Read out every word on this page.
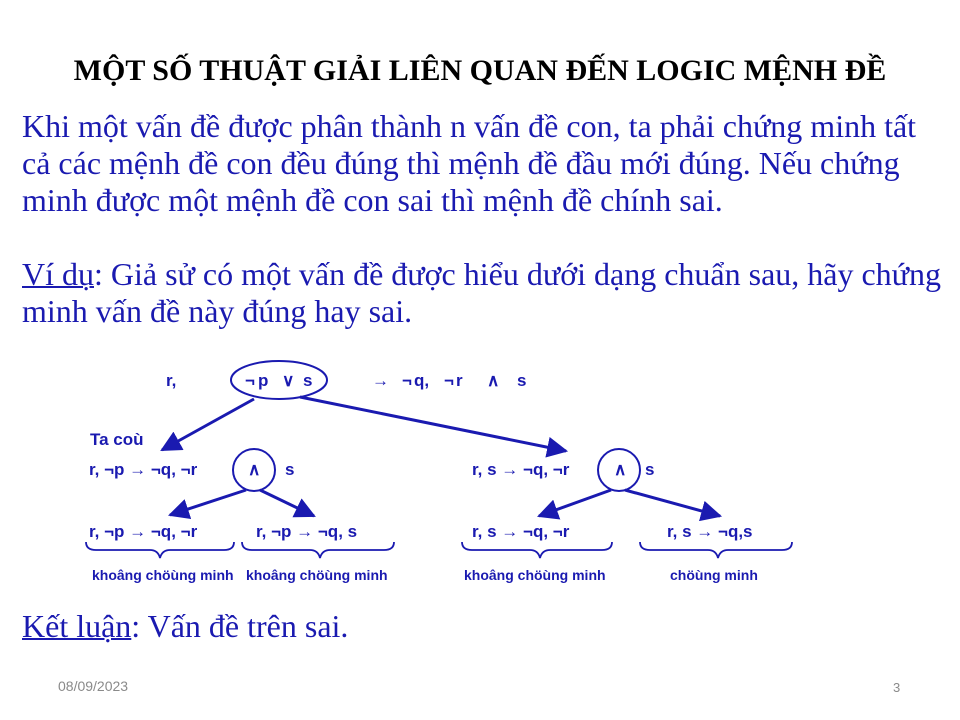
MỘT SỐ THUẬT GIẢI LIÊN QUAN ĐẾN LOGIC MỆNH ĐỀ
Khi một vấn đề được phân thành n vấn đề con, ta phải chứng minh tất cả các mệnh đề con đều đúng thì mệnh đề đầu mới đúng. Nếu chứng minh được một mệnh đề con sai thì mệnh đề chính sai.
Ví dụ: Giả sử có một vấn đề được hiểu dưới dạng chuẩn sau, hãy chứng minh vấn đề này đúng hay sai.
r,	¬ p ∨ s	→ ¬ q, ¬ r ∧ s
Ta coù
r, ¬p → ¬q, ¬r	∧ s	r, s → ¬q, ¬r	∧ s
r, ¬p → ¬q, ¬r	r, ¬p → ¬q, s	r, s → ¬q, ¬r	r, s → ¬q,s
khoâng chöùng minh khoâng chöùng minh	khoâng chöùng minh	chöùng minh
Kết luận: Vấn đề trên sai.
08/09/2023	3
